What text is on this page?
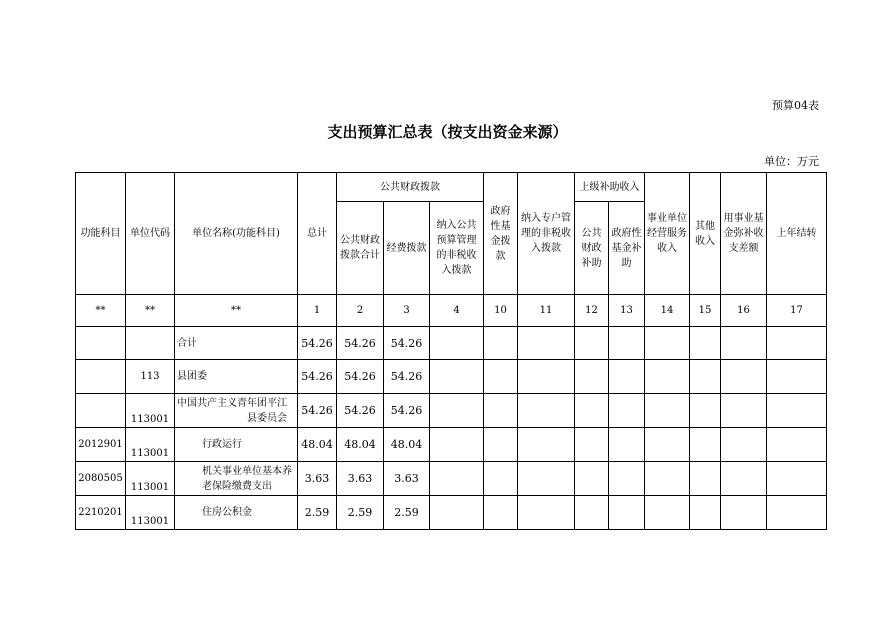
预算04表
支出预算汇总表（按支出资金来源）
单位：万元
功能科目	单位代码	单位名称(功能科目)	总计	公共财政拨款			政府性基金拨款	纳入专户管理的非税收入拨款	上级补助收入		事业单位经营服务收入	其他收入	用事业基金弥补收支差额	上年结转
				公共财政拨款合计	经费拨款	纳入公共预算管理的非税收入拨款			公共财政补助	政府性基金补助				
**	**	**	1	2	3	4	10	11	12	13	14	15	16	17
		合计	54.26	54.26	54.26									
	113	县团委	54.26	54.26	54.26									
	113001	中国共产主义青年团平江县委员会	54.26	54.26	54.26									
2012901	113001	行政运行	48.04	48.04	48.04									
2080505	113001	机关事业单位基本养老保险缴费支出	3.63	3.63	3.63									
2210201	113001	住房公积金	2.59	2.59	2.59									
